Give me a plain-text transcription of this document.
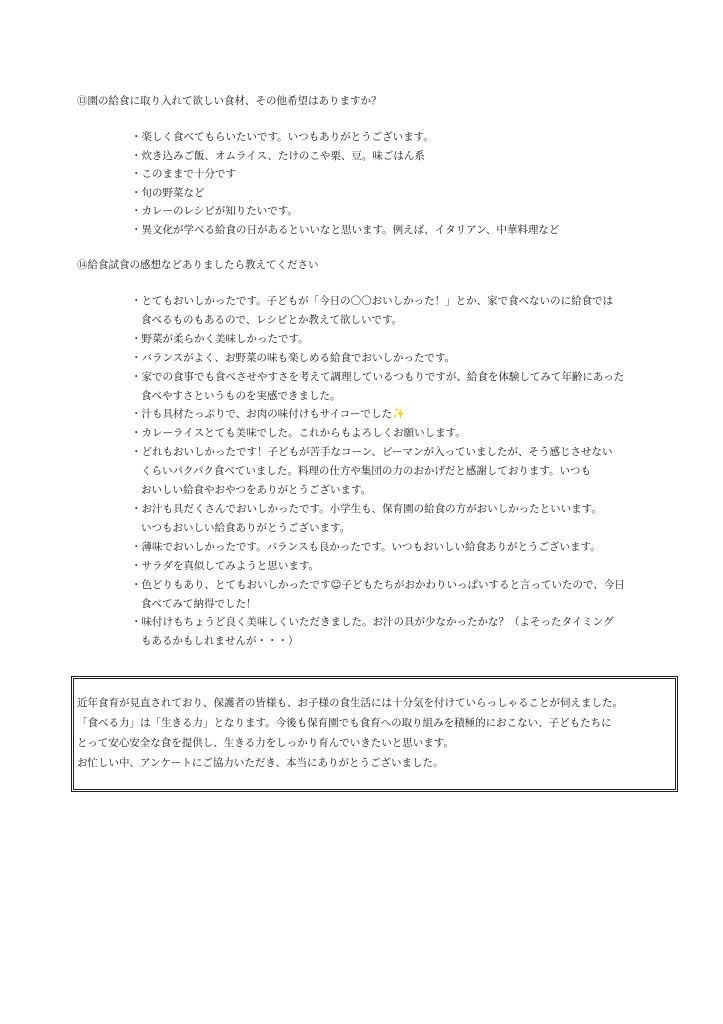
⑬園の給食に取り入れて欲しい食材、その他希望はありますか？
・楽しく食べてもらいたいです。いつもありがとうございます。
・炊き込みご飯、オムライス、たけのこや栗、豆。味ごはん系
・このままで十分です
・旬の野菜など
・カレーのレシピが知りたいです。
・異文化が学べる給食の日があるといいなと思います。例えば、イタリアン、中華料理など
⑭給食試食の感想などありましたら教えてください
・とてもおいしかったです。子どもが「今日の〇〇おいしかった！」とか、家で食べないのに給食では
食べるものもあるので、レシピとか教えて欲しいです。
・野菜が柔らかく美味しかったです。
・バランスがよく、お野菜の味も楽しめる給食でおいしかったです。
・家での食事でも食べさせやすさを考えて調理しているつもりですが、給食を体験してみて年齢にあった
食べやすさというものを実感できました。
・汁も具材たっぷりで、お肉の味付けもサイコーでした✨
・カレーライスとても美味でした。これからもよろしくお願いします。
・どれもおいしかったです！子どもが苦手なコーン、ピーマンが入っていましたが、そう感じさせない
くらいパクパク食べていました。料理の仕方や集団の力のおかげだと感謝しております。いつも
おいしい給食やおやつをありがとうございます。
・お汁も具だくさんでおいしかったです。小学生も、保育園の給食の方がおいしかったといいます。
いつもおいしい給食ありがとうございます。
・薄味でおいしかったです。バランスも良かったです。いつもおいしい給食ありがとうございます。
・サラダを真似してみようと思います。
・色どりもあり、とてもおいしかったです☺子どもたちがおかわりいっぱいすると言っていたので、今日
食べてみて納得でした！
・味付けもちょうど良く美味しくいただきました。お汁の具が少なかったかな？（よそったタイミング
もあるかもしれませんが・・・）

近年食育が見直されており、保護者の皆様も、お子様の食生活には十分気を付けていらっしゃることが伺えました。

「食べる力」は「生きる力」となります。今後も保育園でも食育への取り組みを積極的におこない、子どもたちに

とって安心安全な食を提供し、生きる力をしっかり育んでいきたいと思います。

お忙しい中、アンケートにご協力いただき、本当にありがとうございました。
